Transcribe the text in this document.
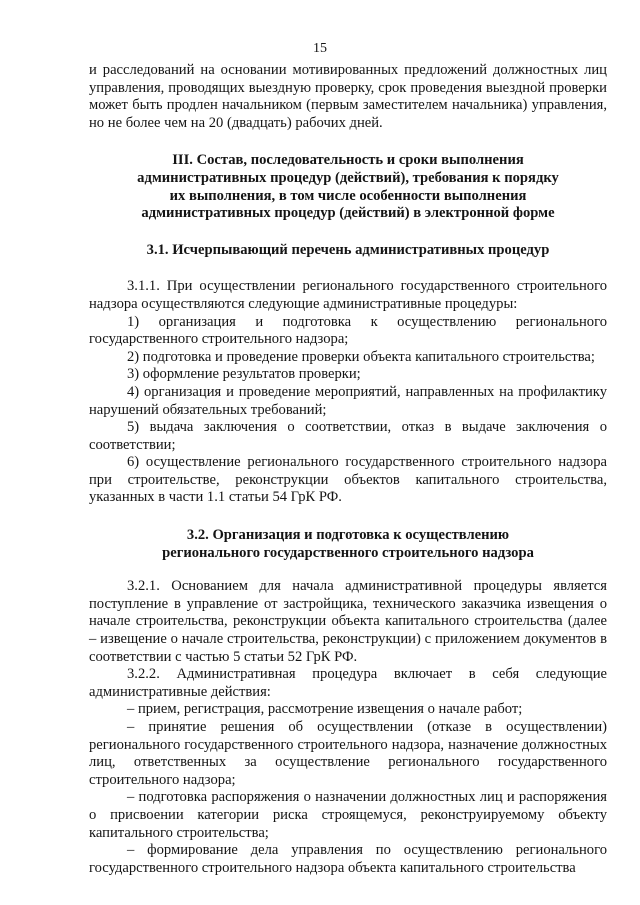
15

и расследований на основании мотивированных предложений должностных лиц управления, проводящих выездную проверку, срок проведения выездной проверки может быть продлен начальником (первым заместителем начальника) управления, но не более чем на 20 (двадцать) рабочих дней.

III. Состав, последовательность и сроки выполнения
административных процедур (действий), требования к порядку
их выполнения, в том числе особенности выполнения
административных процедур (действий) в электронной форме
3.1. Исчерпывающий перечень административных процедур

3.1.1. При осуществлении регионального государственного строительного надзора осуществляются следующие административные процедуры:

1) организация и подготовка к осуществлению регионального государственного строительного надзора;

2) подготовка и проведение проверки объекта капитального строительства;

3) оформление результатов проверки;

4) организация и проведение мероприятий, направленных на профилактику нарушений обязательных требований;

5) выдача заключения о соответствии, отказ в выдаче заключения о соответствии;

6) осуществление регионального государственного строительного надзора при строительстве, реконструкции объектов капитального строительства, указанных в части 1.1 статьи 54 ГрК РФ.

3.2. Организация и подготовка к осуществлению
регионального государственного строительного надзора

3.2.1. Основанием для начала административной процедуры является поступление в управление от застройщика, технического заказчика извещения о начале строительства, реконструкции объекта капитального строительства (далее – извещение о начале строительства, реконструкции) с приложением документов в соответствии с частью 5 статьи 52 ГрК РФ.

3.2.2. Административная процедура включает в себя следующие административные действия:

– прием, регистрация, рассмотрение извещения о начале работ;

– принятие решения об осуществлении (отказе в осуществлении) регионального государственного строительного надзора, назначение должностных лиц, ответственных за осуществление регионального государственного строительного надзора;

– подготовка распоряжения о назначении должностных лиц и распоряжения о присвоении категории риска строящемуся, реконструируемому объекту капитального строительства;

– формирование дела управления по осуществлению регионального государственного строительного надзора объекта капитального строительства
